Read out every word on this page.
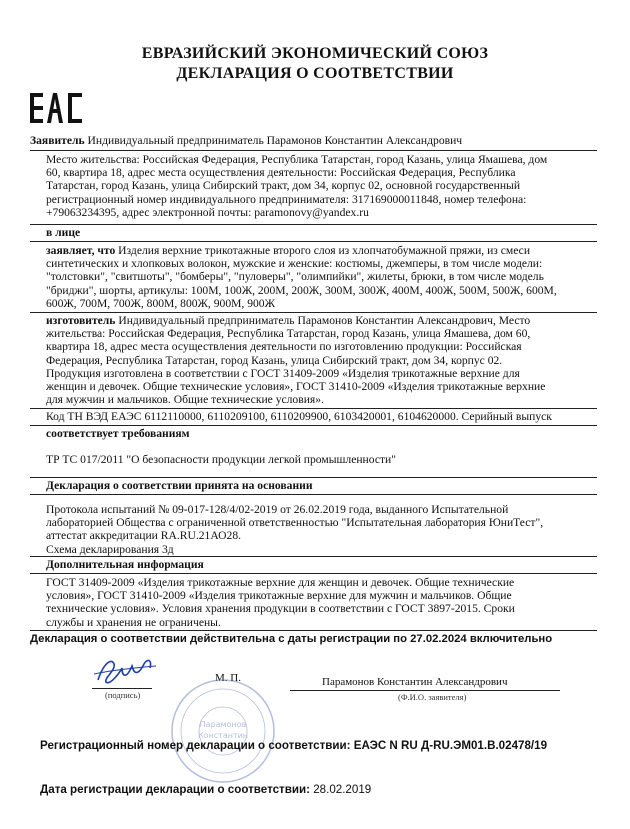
ЕВРАЗИЙСКИЙ ЭКОНОМИЧЕСКИЙ СОЮЗ
ДЕКЛАРАЦИЯ О СООТВЕТСТВИИ
Заявитель Индивидуальный предприниматель Парамонов Константин Александрович
Место жительства: Российская Федерация, Республика Татарстан, город Казань, улица Ямашева, дом
60, квартира 18, адрес места осуществления деятельности: Российская Федерация, Республика
Татарстан, город Казань, улица Сибирский тракт, дом 34, корпус 02, основной государственный
регистрационный номер индивидуального предпринимателя: 317169000011848, номер телефона:
+79063234395, адрес электронной почты: paramonovy@yandex.ru
в лице
заявляет, что Изделия верхние трикотажные второго слоя из хлопчатобумажной пряжи, из смеси
синтетических и хлопковых волокон, мужские и женские: костюмы, джемперы, в том числе модели:
"толстовки", "свитшоты", "бомберы", "пуловеры", "олимпийки", жилеты, брюки, в том числе модель
"бриджи", шорты, артикулы: 100М, 100Ж, 200М, 200Ж, 300М, 300Ж, 400М, 400Ж, 500М, 500Ж, 600М,
600Ж, 700М, 700Ж, 800М, 800Ж, 900М, 900Ж
изготовитель Индивидуальный предприниматель Парамонов Константин Александрович, Место
жительства: Российская Федерация, Республика Татарстан, город Казань, улица Ямашева, дом 60,
квартира 18, адрес места осуществления деятельности по изготовлению продукции: Российская
Федерация, Республика Татарстан, город Казань, улица Сибирский тракт, дом 34, корпус 02.
Продукция изготовлена в соответствии с ГОСТ 31409-2009 «Изделия трикотажные верхние для
женщин и девочек. Общие технические условия», ГОСТ 31410-2009 «Изделия трикотажные верхние
для мужчин и мальчиков. Общие технические условия».
Код ТН ВЭД ЕАЭС 6112110000, 6110209100, 6110209900, 6103420001, 6104620000. Серийный выпуск
соответствует требованиям
ТР ТС 017/2011 "О безопасности продукции легкой промышленности"
Декларация о соответствии принята на основании
Протокола испытаний № 09-017-128/4/02-2019 от 26.02.2019 года, выданного Испытательной
лабораторией Общества с ограниченной ответственностью "Испытательная лаборатория ЮниТест",
аттестат аккредитации RA.RU.21АО28.
Схема декларирования 3д
Дополнительная информация
ГОСТ 31409-2009 «Изделия трикотажные верхние для женщин и девочек. Общие технические
условия», ГОСТ 31410-2009 «Изделия трикотажные верхние для мужчин и мальчиков. Общие
технические условия». Условия хранения продукции в соответствии с ГОСТ 3897-2015. Сроки
службы и хранения не ограничены.
Декларация о соответствии действительна с даты регистрации по 27.02.2024 включительно
(подпись)
М. П.	Парамонов Константин Александрович
(Ф.И.О. заявителя)
Парамонов
Константин
Регистрационный номер декларации о соответствии: ЕАЭС N RU Д-RU.ЭМ01.В.02478/19
Дата регистрации декларации о соответствии: 28.02.2019
